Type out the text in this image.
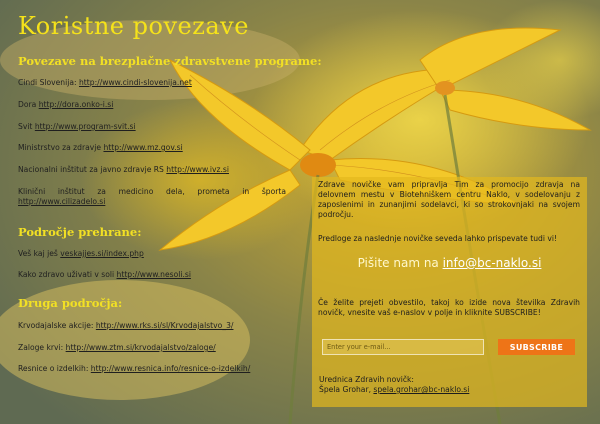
Koristne povezave
Povezave na brezplačne zdravstvene programe:
Cindi Slovenija: http://www.cindi-slovenija.net
Dora http://dora.onko-i.si
Svit http://www.program-svit.si
Ministrstvo za zdravje http://www.mz.gov.si
Nacionalni inštitut za javno zdravje RS http://www.ivz.si
Klinični inštitut za medicino dela, prometa in športa http://www.cilizadelo.si
Področje prehrane:
Veš kaj ješ veskajjes.si/index.php
Kako zdravo uživati v soli http://www.nesoli.si
Druga področja:
Krvodajalske akcije: http://www.rks.si/sl/Krvodajalstvo_3/
Zaloge krvi: http://www.ztm.si/krvodajalstvo/zaloge/
Resnice o izdelkih: http://www.resnica.info/resnice-o-izdelkih/
Zdrave novičke vam pripravlja Tim za promocijo zdravja na delovnem mestu v Biotehniškem centru Naklo, v sodelovanju z zaposlenimi in zunanjimi sodelavci, ki so strokovnjaki na svojem področju.
Predloge za naslednje novičke seveda lahko prispevate tudi vi!
Pišite nam na info@bc-naklo.si
Če želite prejeti obvestilo, takoj ko izide nova številka Zdravih novičk, vnesite vaš e-naslov v polje in kliknite SUBSCRIBE!
Enter your e-mail...
SUBSCRIBE
Urednica Zdravih novičk:
Špela Grohar, spela.grohar@bc-naklo.si
